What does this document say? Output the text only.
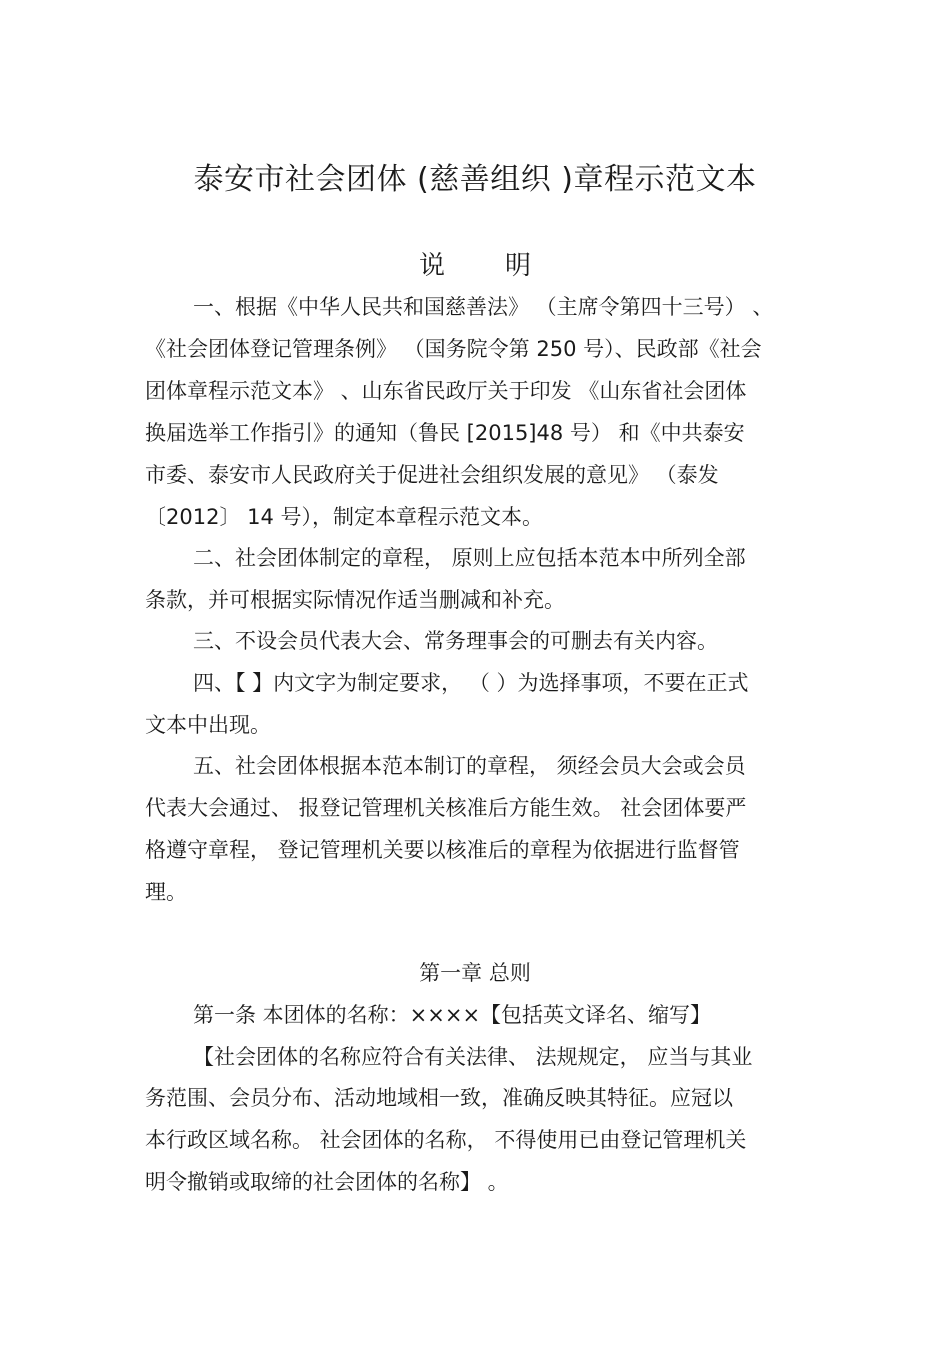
泰安市社会团体 (慈善组织 )章程示范文本
说明

一、根据《中华人民共和国慈善法》 （主席令第四十三号） 、

《社会团体登记管理条例》 （国务院令第 250 号）、民政部《社会

团体章程示范文本》 、山东省民政厅关于印发 《山东省社会团体

换届选举工作指引》的通知（鲁民 [2015]48 号） 和《中共泰安

市委、泰安市人民政府关于促进社会组织发展的意见》 （泰发

〔2012〕 14 号），制定本章程示范文本。

二、社会团体制定的章程， 原则上应包括本范本中所列全部

条款，并可根据实际情况作适当删减和补充。

三、不设会员代表大会、常务理事会的可删去有关内容。

四、【 】内文字为制定要求， （ ）为选择事项，不要在正式

文本中出现。

五、社会团体根据本范本制订的章程， 须经会员大会或会员

代表大会通过、 报登记管理机关核准后方能生效。 社会团体要严

格遵守章程， 登记管理机关要以核准后的章程为依据进行监督管

理。

第一章 总则

第一条 本团体的名称：××××【包括英文译名、缩写】

【社会团体的名称应符合有关法律、 法规规定， 应当与其业

务范围、会员分布、活动地域相一致，准确反映其特征。应冠以

本行政区域名称。 社会团体的名称， 不得使用已由登记管理机关

明令撤销或取缔的社会团体的名称】 。
